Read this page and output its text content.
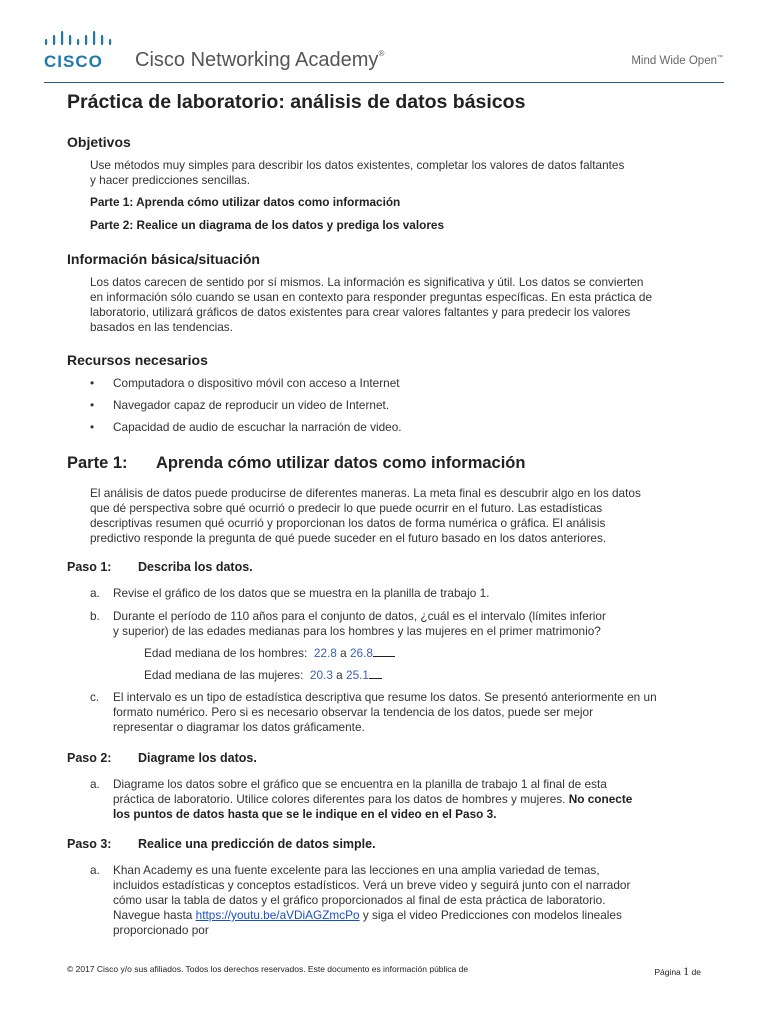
CISCO Cisco Networking Academy®
Mind Wide Open™
Práctica de laboratorio: análisis de datos básicos
Objetivos
Use métodos muy simples para describir los datos existentes, completar los valores de datos faltantes
y hacer predicciones sencillas.
Parte 1: Aprenda cómo utilizar datos como información
Parte 2: Realice un diagrama de los datos y prediga los valores
Información básica/situación
Los datos carecen de sentido por sí mismos. La información es significativa y útil. Los datos se convierten
en información sólo cuando se usan en contexto para responder preguntas específicas. En esta práctica de
laboratorio, utilizará gráficos de datos existentes para crear valores faltantes y para predecir los valores
basados en las tendencias.
Recursos necesarios
• Computadora o dispositivo móvil con acceso a Internet
• Navegador capaz de reproducir un video de Internet.
• Capacidad de audio de escuchar la narración de video.
Parte 1: Aprenda cómo utilizar datos como información
El análisis de datos puede producirse de diferentes maneras. La meta final es descubrir algo en los datos
que dé perspectiva sobre qué ocurrió o predecir lo que puede ocurrir en el futuro. Las estadísticas
descriptivas resumen qué ocurrió y proporcionan los datos de forma numérica o gráfica. El análisis
predictivo responde la pregunta de qué puede suceder en el futuro basado en los datos anteriores.
Paso 1: Describa los datos.
a. Revise el gráfico de los datos que se muestra en la planilla de trabajo 1.
b. Durante el período de 110 años para el conjunto de datos, ¿cuál es el intervalo (límites inferior
y superior) de las edades medianas para los hombres y las mujeres en el primer matrimonio?
Edad mediana de los hombres: 22.8 a 26.8
Edad mediana de las mujeres: 20.3 a 25.1
c. El intervalo es un tipo de estadística descriptiva que resume los datos. Se presentó anteriormente en un
formato numérico. Pero si es necesario observar la tendencia de los datos, puede ser mejor
representar o diagramar los datos gráficamente.
Paso 2: Diagrame los datos.
a. Diagrame los datos sobre el gráfico que se encuentra en la planilla de trabajo 1 al final de esta
práctica de laboratorio. Utilice colores diferentes para los datos de hombres y mujeres. No conecte
los puntos de datos hasta que se le indique en el video en el Paso 3.
Paso 3: Realice una predicción de datos simple.
a. Khan Academy es una fuente excelente para las lecciones en una amplia variedad de temas,
incluidos estadísticas y conceptos estadísticos. Verá un breve video y seguirá junto con el narrador
cómo usar la tabla de datos y el gráfico proporcionados al final de esta práctica de laboratorio.
Navegue hasta https://youtu.be/aVDiAGZmcPo y siga el video Predicciones con modelos lineales
proporcionado por
© 2017 Cisco y/o sus afiliados. Todos los derechos reservados. Este documento es información pública de	Página 1 de
